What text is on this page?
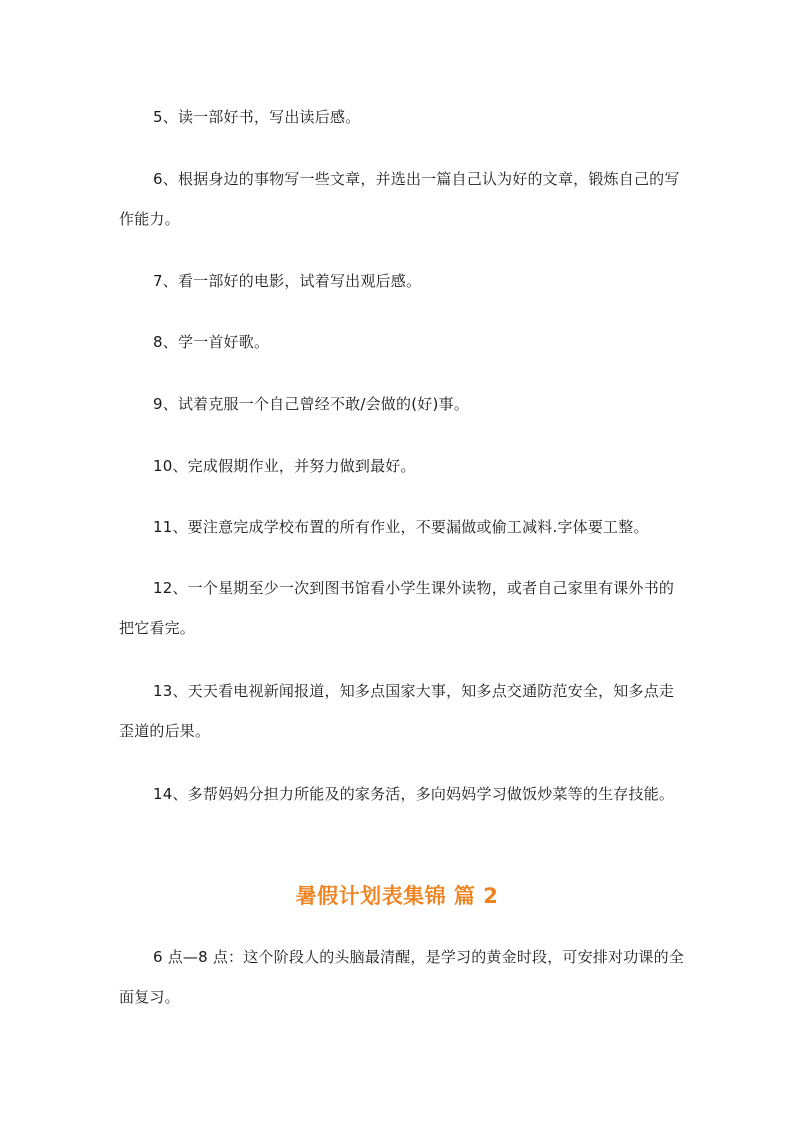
5、读一部好书，写出读后感。

6、根据身边的事物写一些文章，并选出一篇自己认为好的文章，锻炼自己的写作能力。

7、看一部好的电影，试着写出观后感。

8、学一首好歌。

9、试着克服一个自己曾经不敢/会做的(好)事。

10、完成假期作业，并努力做到最好。

11、要注意完成学校布置的所有作业，不要漏做或偷工减料.字体要工整。

12、一个星期至少一次到图书馆看小学生课外读物，或者自己家里有课外书的把它看完。

13、天天看电视新闻报道，知多点国家大事，知多点交通防范安全，知多点走歪道的后果。

14、多帮妈妈分担力所能及的家务活，多向妈妈学习做饭炒菜等的生存技能。

暑假计划表集锦 篇 2

6 点—8 点：这个阶段人的头脑最清醒，是学习的黄金时段，可安排对功课的全面复习。
